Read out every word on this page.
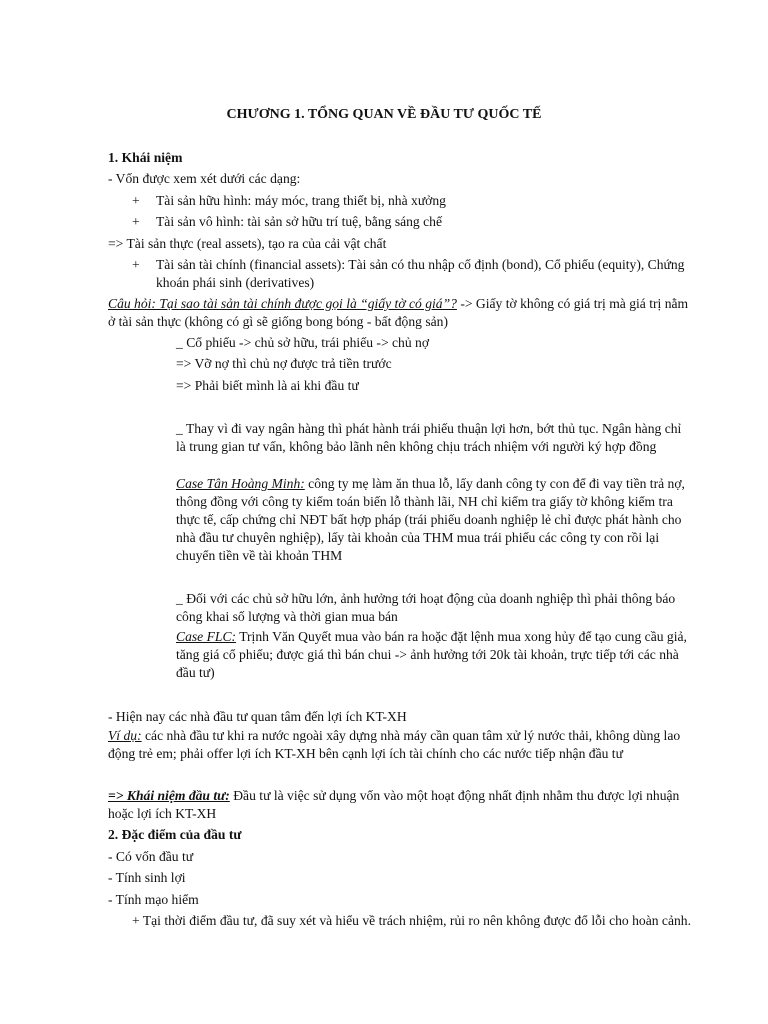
CHƯƠNG 1. TỔNG QUAN VỀ ĐẦU TƯ QUỐC TẾ
1. Khái niệm
- Vốn được xem xét dưới các dạng:
+ Tài sản hữu hình: máy móc, trang thiết bị, nhà xưởng
+ Tài sản vô hình: tài sản sở hữu trí tuệ, bằng sáng chế
=> Tài sản thực (real assets), tạo ra của cải vật chất
+ Tài sản tài chính (financial assets): Tài sản có thu nhập cố định (bond), Cổ phiếu (equity), Chứng khoán phái sinh (derivatives)
Câu hỏi: Tại sao tài sản tài chính được gọi là “giấy tờ có giá”? -> Giấy tờ không có giá trị mà giá trị nằm ở tài sản thực (không có gì sẽ giống bong bóng - bất động sản)
_ Cổ phiếu -> chủ sở hữu, trái phiếu -> chủ nợ
=> Vỡ nợ thì chủ nợ được trả tiền trước
=> Phải biết mình là ai khi đầu tư
_ Thay vì đi vay ngân hàng thì phát hành trái phiếu thuận lợi hơn, bớt thủ tục. Ngân hàng chỉ là trung gian tư vấn, không bảo lãnh nên không chịu trách nhiệm với người ký hợp đồng
Case Tân Hoàng Minh: công ty mẹ làm ăn thua lỗ, lấy danh công ty con để đi vay tiền trả nợ, thông đồng với công ty kiểm toán biến lỗ thành lãi, NH chỉ kiểm tra giấy tờ không kiểm tra thực tế, cấp chứng chỉ NĐT bất hợp pháp (trái phiếu doanh nghiệp lẻ chỉ được phát hành cho nhà đầu tư chuyên nghiệp), lấy tài khoản của THM mua trái phiếu các công ty con rồi lại chuyển tiền về tài khoản THM
_ Đối với các chủ sở hữu lớn, ảnh hưởng tới hoạt động của doanh nghiệp thì phải thông báo công khai số lượng và thời gian mua bán
Case FLC: Trịnh Văn Quyết mua vào bán ra hoặc đặt lệnh mua xong hủy để tạo cung cầu giả, tăng giá cổ phiếu; được giá thì bán chui -> ảnh hưởng tới 20k tài khoản, trực tiếp tới các nhà đầu tư)
- Hiện nay các nhà đầu tư quan tâm đến lợi ích KT-XH
Ví dụ: các nhà đầu tư khi ra nước ngoài xây dựng nhà máy cần quan tâm xử lý nước thải, không dùng lao động trẻ em; phải offer lợi ích KT-XH bên cạnh lợi ích tài chính cho các nước tiếp nhận đầu tư
=> Khái niệm đầu tư: Đầu tư là việc sử dụng vốn vào một hoạt động nhất định nhằm thu được lợi nhuận hoặc lợi ích KT-XH
2. Đặc điểm của đầu tư
- Có vốn đầu tư
- Tính sinh lợi
- Tính mạo hiểm
+ Tại thời điểm đầu tư, đã suy xét và hiểu về trách nhiệm, rủi ro nên không được đổ lỗi cho hoàn cảnh.
